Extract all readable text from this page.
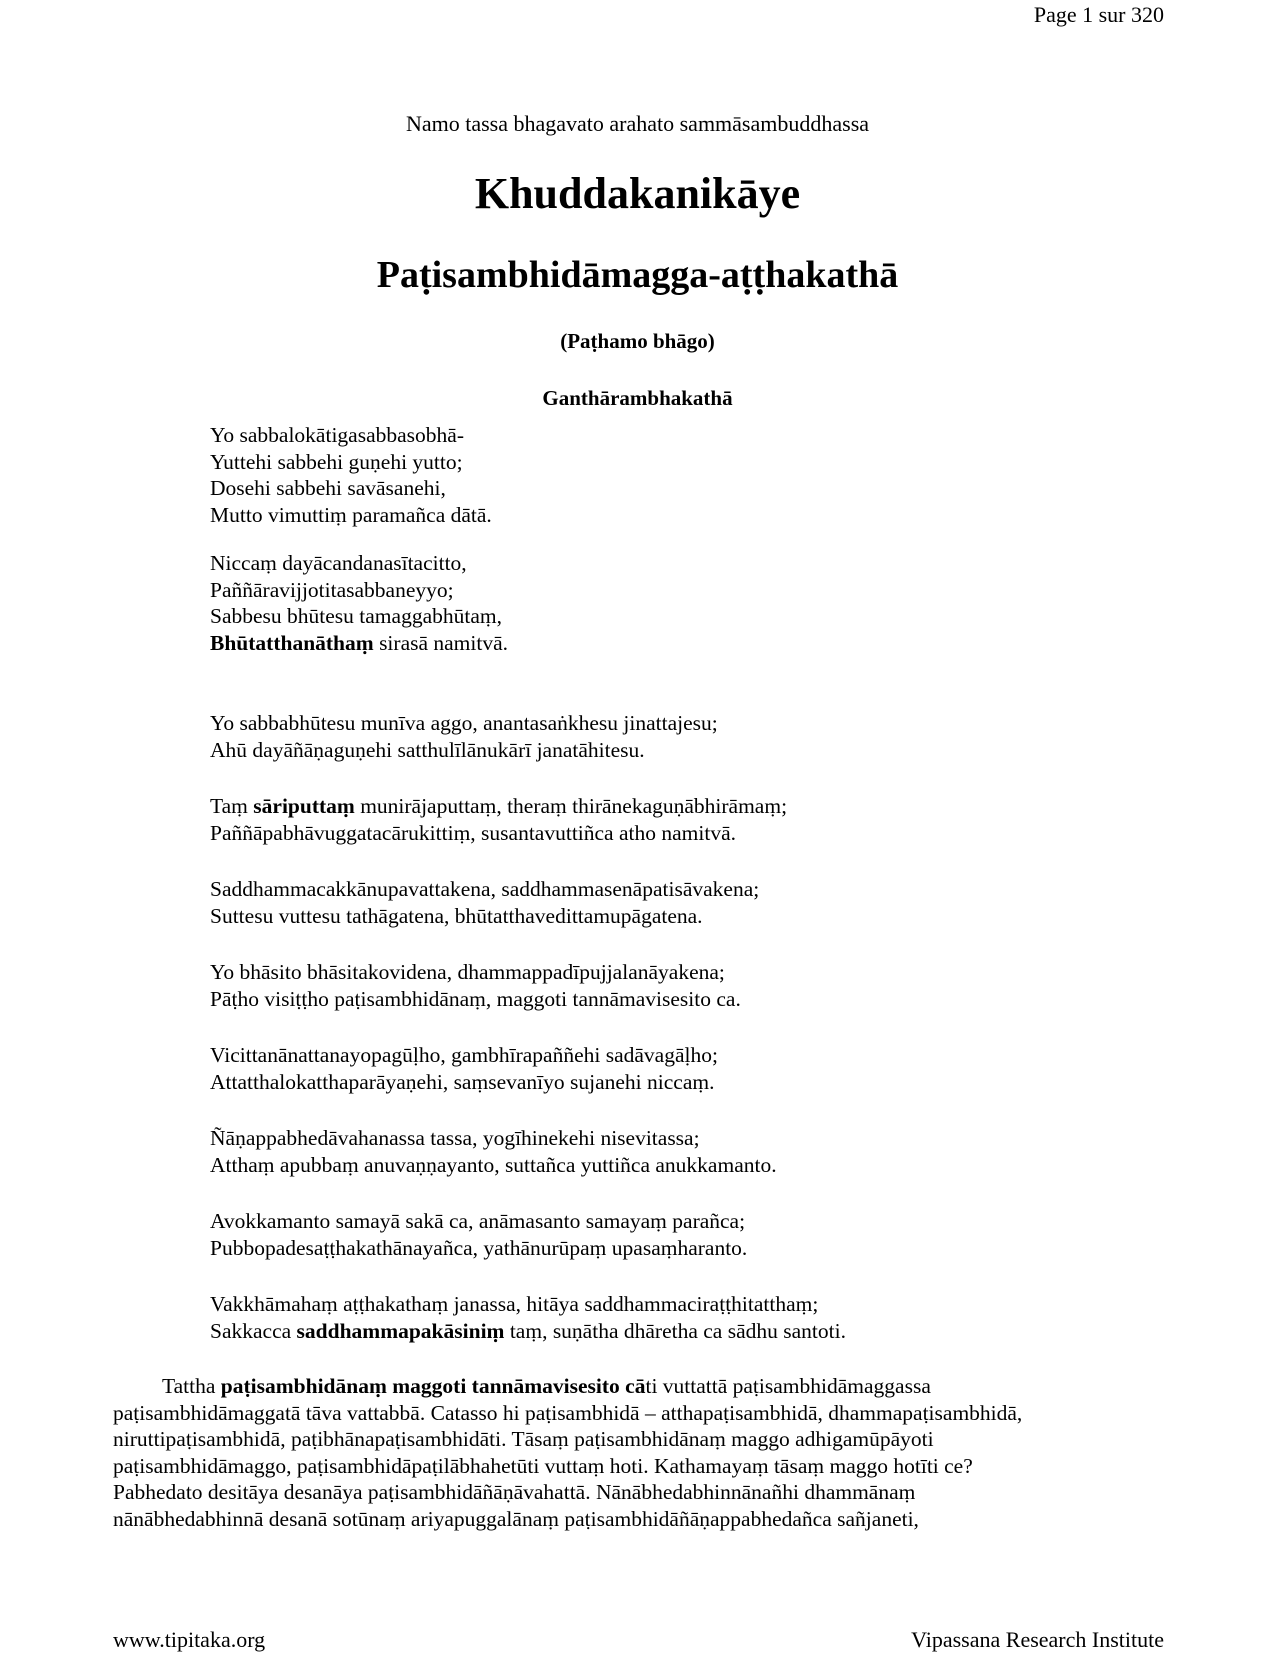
Page 1 sur 320
Namo tassa bhagavato arahato sammāsambuddhassa
Khuddakanikāye
Paṭisambhidāmagga-aṭṭhakathā
(Paṭhamo bhāgo)
Ganthārambhakathā
Yo sabbalokātigasabbasobhā-
Yuttehi sabbehi guṇehi yutto;
Dosehi sabbehi savāsanehi,
Mutto vimuttiṃ paramañca dātā.
Niccaṃ dayācandanasītacitto,
Paññāravijjotitasabbaneyyo;
Sabbesu bhūtesu tamaggabhūtaṃ,
Bhūtatthanāthaṃ sirasā namitvā.
Yo sabbabhūtesu munīva aggo, anantasaṅkhesu jinattajesu;
Ahū dayāñāṇaguṇehi satthulīlānukārī janatāhitesu.
Taṃ sāriputtaṃ munirājaputtaṃ, theraṃ thirānekaguṇābhirāmaṃ;
Paññāpabhāvuggatacārukittiṃ, susantavuttiñca atho namitvā.
Saddhammacakkānupavattakena, saddhammasenāpatisāvakena;
Suttesu vuttesu tathāgatena, bhūtatthavedittamupāgatena.
Yo bhāsito bhāsitakovidena, dhammappadīpujjalanāyakena;
Pāṭho visiṭṭho paṭisambhidānaṃ, maggoti tannāmavisesito ca.
Vicittanānattanayopagūḷho, gambhīrapaññehi sadāvagāḷho;
Attatthalokatthaparāyaṇehi, saṃsevanīyo sujanehi niccaṃ.
Ñāṇappabhedāvahanassa tassa, yogīhinekehi nisevitassa;
Atthaṃ apubbaṃ anuvaṇṇayanto, suttañca yuttiñca anukkamanto.
Avokkamanto samayā sakā ca, anāmasanto samayaṃ parañca;
Pubbopadesaṭṭhakathānayañca, yathānurūpaṃ upasaṃharanto.
Vakkhāmahaṃ aṭṭhakathaṃ janassa, hitāya saddhammaciraṭṭhitatthaṃ;
Sakkacca saddhammapakāsiniṃ taṃ, suṇātha dhāretha ca sādhu santoti.
Tattha paṭisambhidānaṃ maggoti tannāmavisesito cāti vuttattā paṭisambhidāmaggassa
paṭisambhidāmaggatā tāva vattabbā. Catasso hi paṭisambhidā – atthapaṭisambhidā, dhammapaṭisambhidā,
niruttipaṭisambhidā, paṭibhānapaṭisambhidāti. Tāsaṃ paṭisambhidānaṃ maggo adhigamūpāyoti
paṭisambhidāmaggo, paṭisambhidāpaṭilābhahetūti vuttaṃ hoti. Kathamayaṃ tāsaṃ maggo hotīti ce?
Pabhedato desitāya desanāya paṭisambhidāñāṇāvahattā. Nānābhedabhinnānañhi dhammānaṃ
nānābhedabhinnā desanā sotūnaṃ ariyapuggalānaṃ paṭisambhidāñāṇappabhedañca sañjaneti,
www.tipitaka.org	Vipassana Research Institute
